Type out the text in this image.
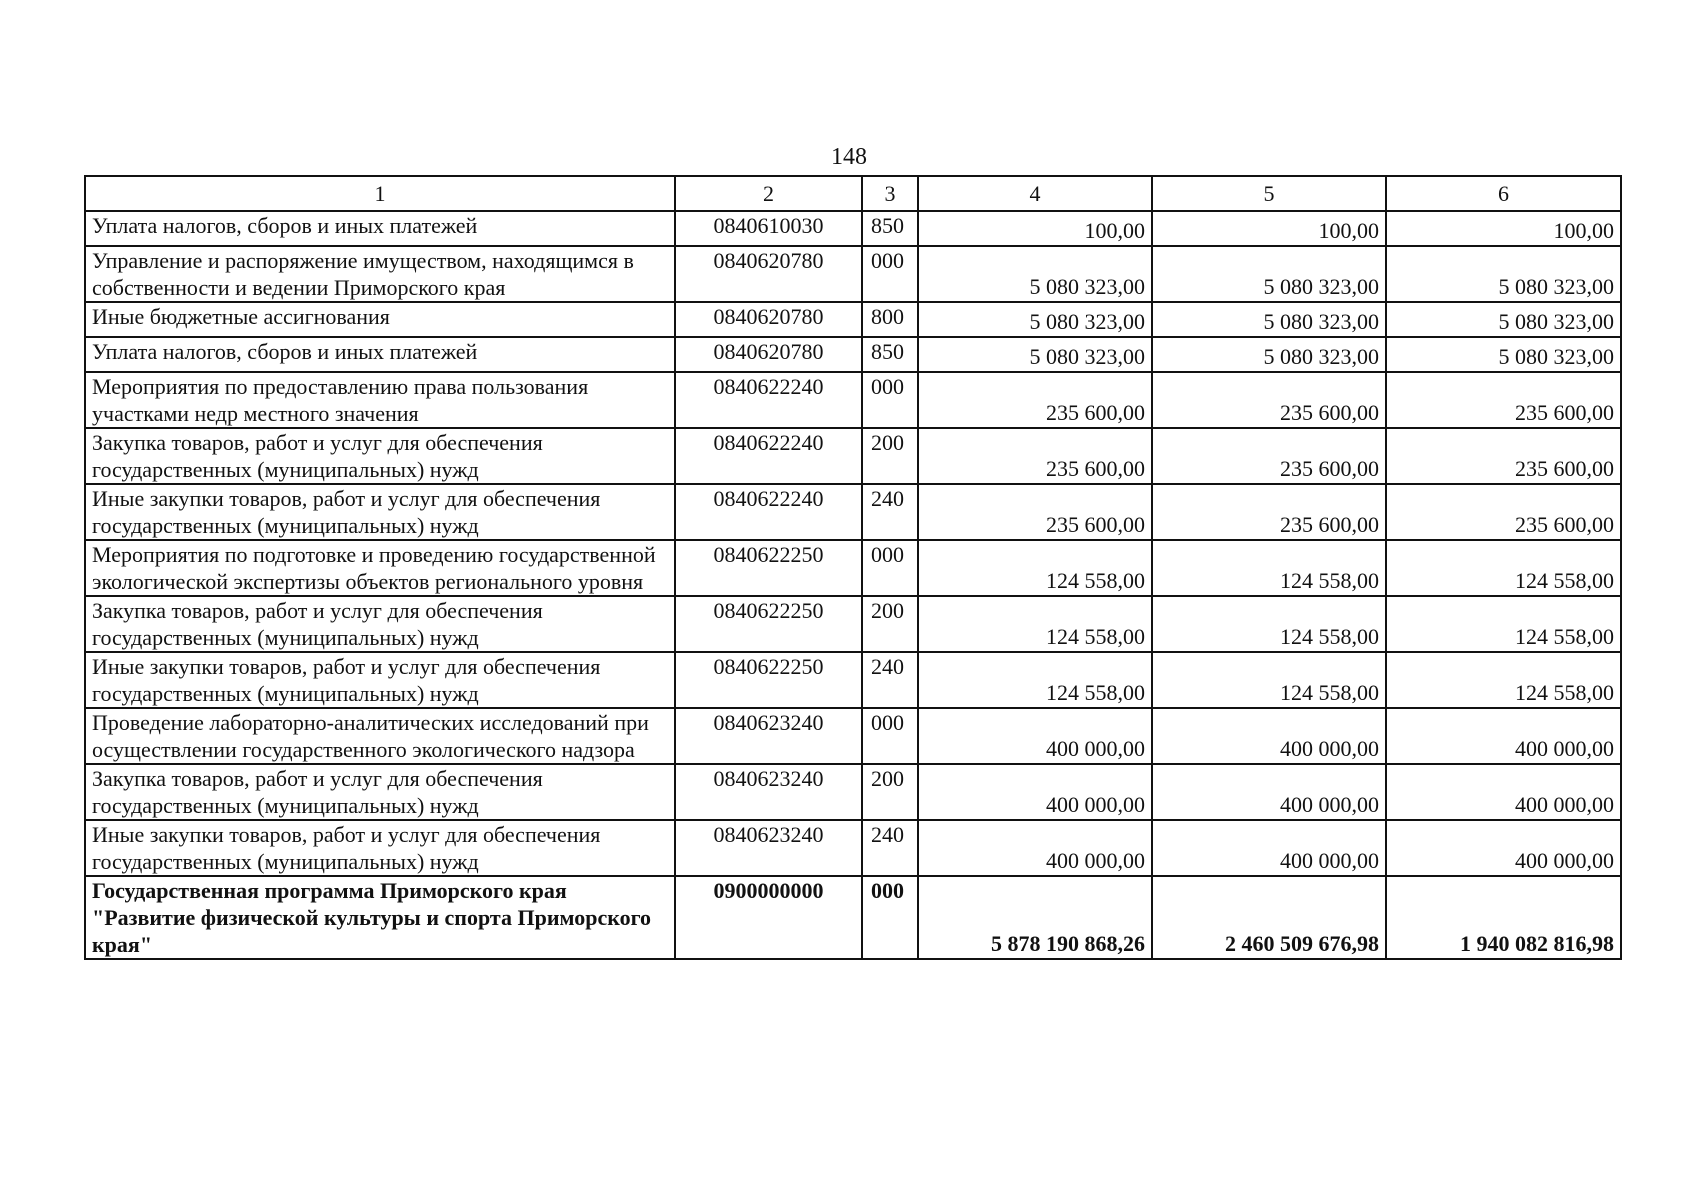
148
1	2	3	4	5	6
Уплата налогов, сборов и иных платежей	0840610030	850	100,00	100,00	100,00
Управление и распоряжение имуществом, находящимся в собственности и ведении Приморского края	0840620780	000	5 080 323,00	5 080 323,00	5 080 323,00
Иные бюджетные ассигнования	0840620780	800	5 080 323,00	5 080 323,00	5 080 323,00
Уплата налогов, сборов и иных платежей	0840620780	850	5 080 323,00	5 080 323,00	5 080 323,00
Мероприятия по предоставлению права пользования участками недр местного значения	0840622240	000	235 600,00	235 600,00	235 600,00
Закупка товаров, работ и услуг для обеспечения государственных (муниципальных) нужд	0840622240	200	235 600,00	235 600,00	235 600,00
Иные закупки товаров, работ и услуг для обеспечения государственных (муниципальных) нужд	0840622240	240	235 600,00	235 600,00	235 600,00
Мероприятия по подготовке и проведению государственной экологической экспертизы объектов регионального уровня	0840622250	000	124 558,00	124 558,00	124 558,00
Закупка товаров, работ и услуг для обеспечения государственных (муниципальных) нужд	0840622250	200	124 558,00	124 558,00	124 558,00
Иные закупки товаров, работ и услуг для обеспечения государственных (муниципальных) нужд	0840622250	240	124 558,00	124 558,00	124 558,00
Проведение лабораторно-аналитических исследований при осуществлении государственного экологического надзора	0840623240	000	400 000,00	400 000,00	400 000,00
Закупка товаров, работ и услуг для обеспечения государственных (муниципальных) нужд	0840623240	200	400 000,00	400 000,00	400 000,00
Иные закупки товаров, работ и услуг для обеспечения государственных (муниципальных) нужд	0840623240	240	400 000,00	400 000,00	400 000,00
Государственная программа Приморского края "Развитие физической культуры и спорта Приморского края"	0900000000	000	5 878 190 868,26	2 460 509 676,98	1 940 082 816,98
